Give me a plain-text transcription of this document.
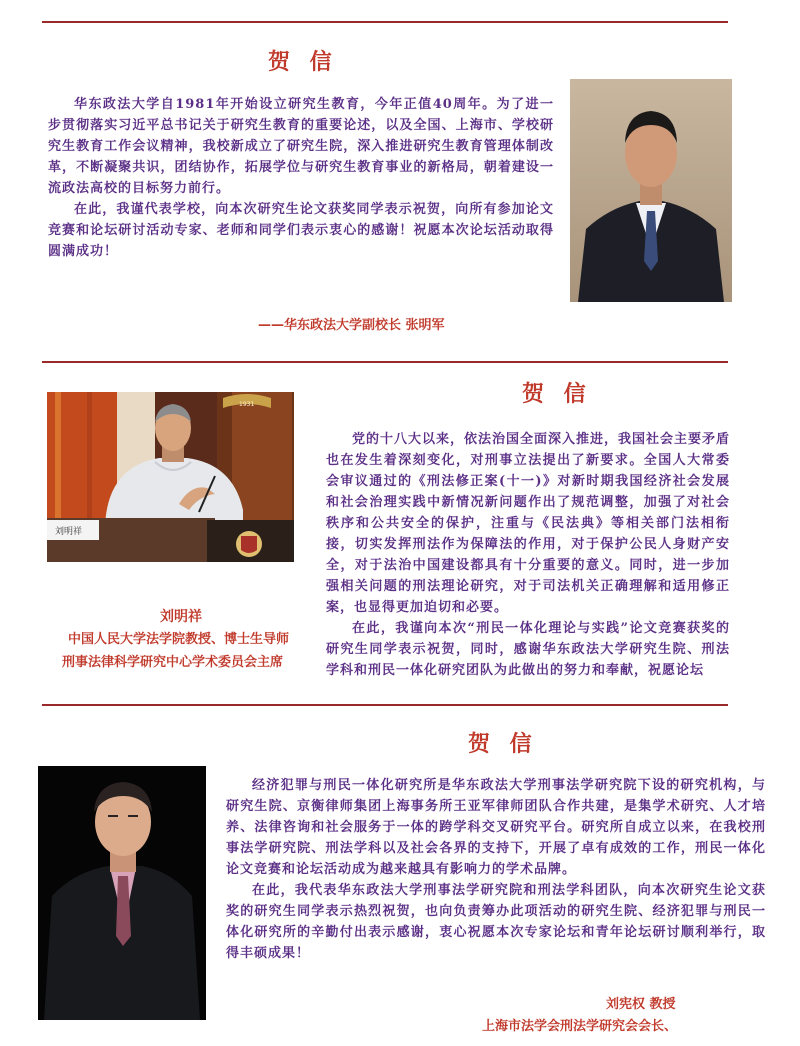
贺 信

华东政法大学自1981年开始设立研究生教育，今年正值40周年。为了进一步贯彻落实习近平总书记关于研究生教育的重要论述，以及全国、上海市、学校研究生教育工作会议精神，我校新成立了研究生院，深入推进研究生教育管理体制改革，不断凝聚共识，团结协作，拓展学位与研究生教育事业的新格局，朝着建设一流政法高校的目标努力前行。

在此，我谨代表学校，向本次研究生论文获奖同学表示祝贺，向所有参加论文竞赛和论坛研讨活动专家、老师和同学们表示衷心的感谢！祝愿本次论坛活动取得圆满成功！

——华东政法大学副校长 张明军
1931
刘明祥
贺 信

党的十八大以来，依法治国全面深入推进，我国社会主要矛盾也在发生着深刻变化，对刑事立法提出了新要求。全国人大常委会审议通过的《刑法修正案(十一)》对新时期我国经济社会发展和社会治理实践中新情况新问题作出了规范调整，加强了对社会秩序和公共安全的保护，注重与《民法典》等相关部门法相衔接，切实发挥刑法作为保障法的作用，对于保护公民人身财产安全，对于法治中国建设都具有十分重要的意义。同时，进一步加强相关问题的刑法理论研究，对于司法机关正确理解和适用修正案，也显得更加迫切和必要。

在此，我谨向本次“刑民一体化理论与实践”论文竞赛获奖的研究生同学表示祝贺，同时，感谢华东政法大学研究生院、刑法学科和刑民一体化研究团队为此做出的努力和奉献，祝愿论坛

刘明祥
中国人民大学法学院教授、博士生导师
刑事法律科学研究中心学术委员会主席
贺 信

经济犯罪与刑民一体化研究所是华东政法大学刑事法学研究院下设的研究机构，与研究生院、京衡律师集团上海事务所王亚军律师团队合作共建，是集学术研究、人才培养、法律咨询和社会服务于一体的跨学科交叉研究平台。研究所自成立以来，在我校刑事法学研究院、刑法学科以及社会各界的支持下，开展了卓有成效的工作，刑民一体化论文竞赛和论坛活动成为越来越具有影响力的学术品牌。

在此，我代表华东政法大学刑事法学研究院和刑法学科团队，向本次研究生论文获奖的研究生同学表示热烈祝贺，也向负责筹办此项活动的研究生院、经济犯罪与刑民一体化研究所的辛勤付出表示感谢，衷心祝愿本次专家论坛和青年论坛研讨顺利举行，取得丰硕成果！

刘宪权 教授
上海市法学会刑法学研究会会长、
